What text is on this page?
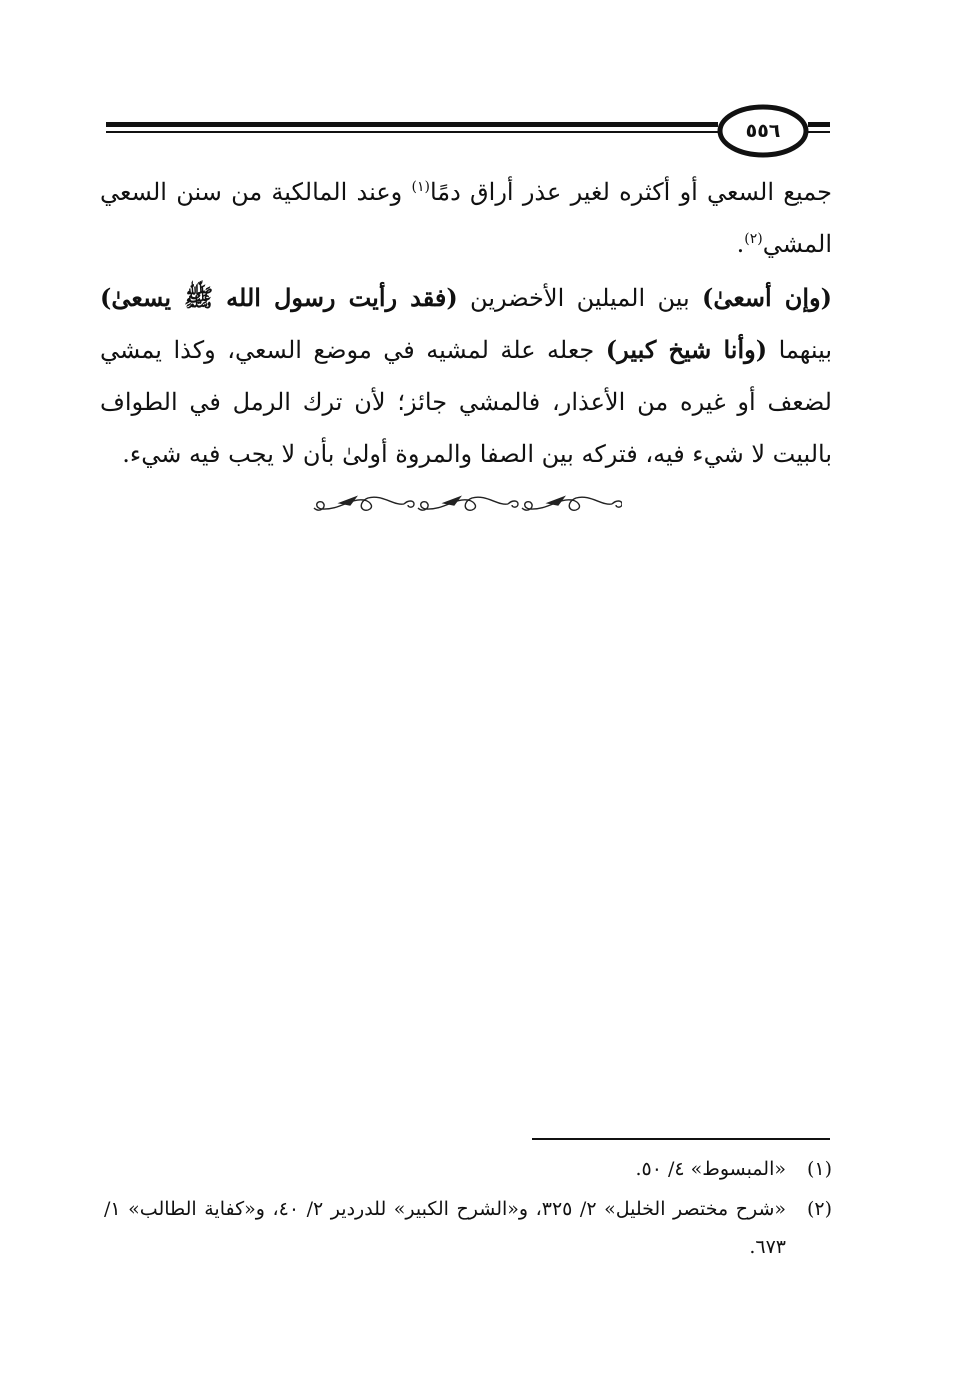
٥٥٦

جميع السعي أو أكثره لغير عذر أراق دمًا$^{(١)}$ وعند المالكية من سنن السعي المشي$^{(٢)}$.

(وإن أسعىٰ) بين الميلين الأخضرين (فقد رأيت رسول الله ﷺ يسعىٰ) بينهما (وأنا شيخ كبير) جعله علة لمشيه في موضع السعي، وكذا يمشي لضعف أو غيره من الأعذار، فالمشي جائز؛ لأن ترك الرمل في الطواف بالبيت لا شيء فيه، فتركه بين الصفا والمروة أولىٰ بأن لا يجب فيه شيء.

(١)
«المبسوط» ٤/ ٥٠.
(٢)
«شرح مختصر الخليل» ٢/ ٣٢٥، و«الشرح الكبير» للدردير ٢/ ٤٠، و«كفاية الطالب» ١/ ٦٧٣.
